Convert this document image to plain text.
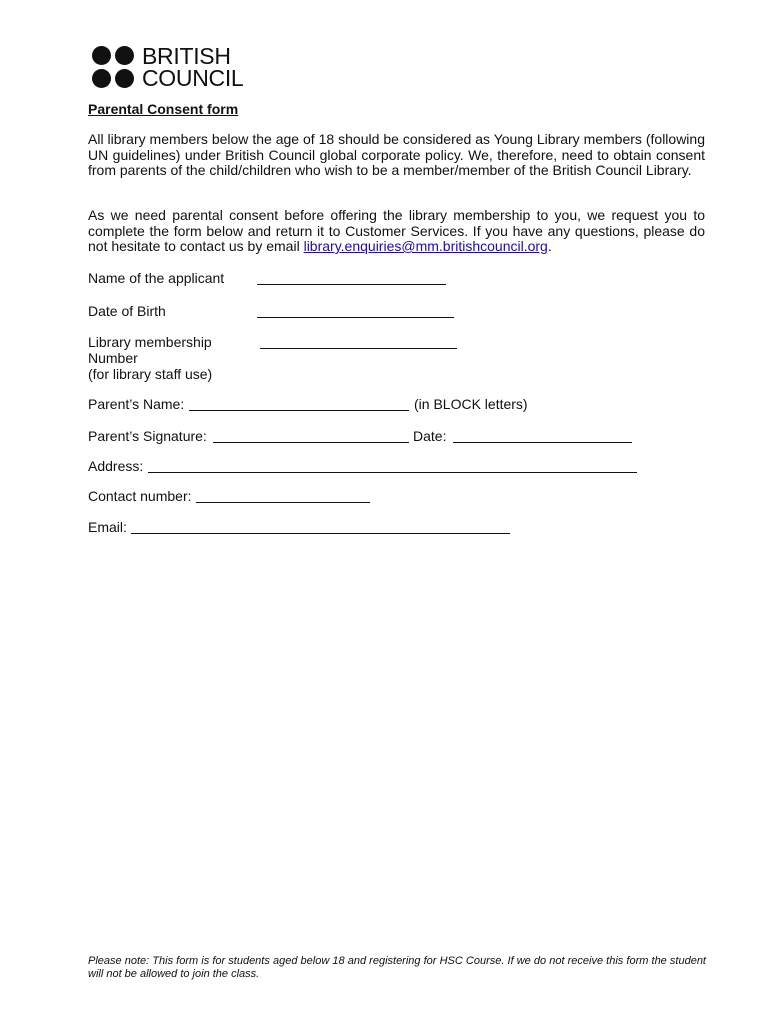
BRITISH
COUNCIL
Parental Consent form

All library members below the age of 18 should be considered as Young Library members (following UN guidelines) under British Council global corporate policy. We, therefore, need to obtain consent from parents of the child/children who wish to be a member/member of the British Council Library.

As we need parental consent before offering the library membership to you, we request you to complete the form below and return it to Customer Services. If you have any questions, please do not hesitate to contact us by email library.enquiries@mm.britishcouncil.org.

Name of the applicant
Date of Birth
Library membership
Number
(for library staff use)
Parent’s Name:	(in BLOCK letters)
Parent’s Signature:	Date:
Address:
Contact number:
Email:

Please note: This form is for students aged below 18 and registering for HSC Course. If we do not receive this form the student will not be allowed to join the class.
